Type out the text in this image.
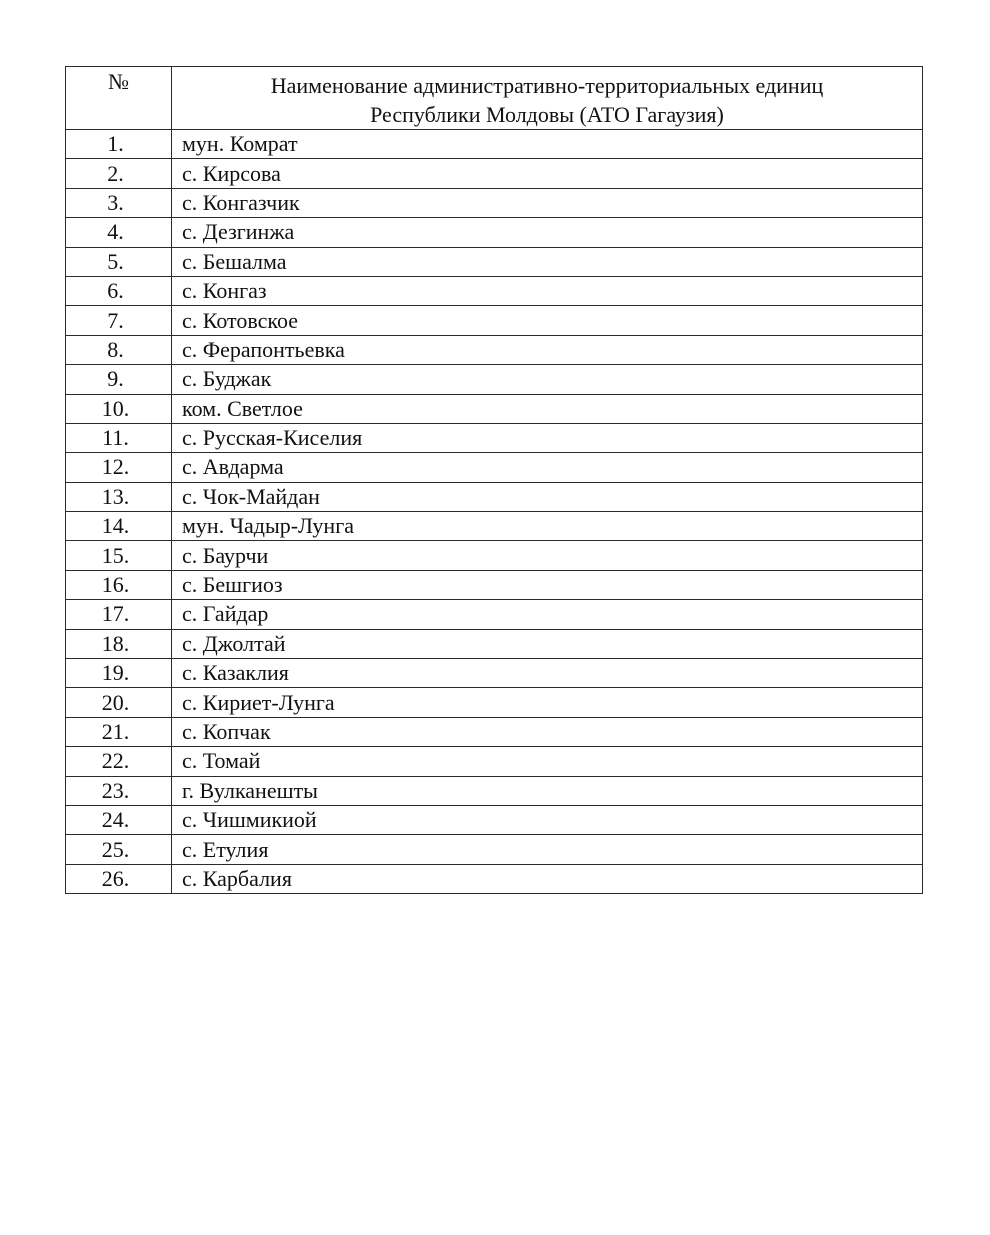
№	Наименование административно-территориальных единиц
Республики Молдовы (АТО Гагаузия)

1.	мун. Комрат
2.	с. Кирсова
3.	с. Конгазчик
4.	с. Дезгинжа
5.	с. Бешалма
6.	с. Конгаз
7.	с. Котовское
8.	с. Ферапонтьевка
9.	с. Буджак
10.	ком. Светлое
11.	с. Русская-Киселия
12.	с. Авдарма
13.	с. Чок-Майдан
14.	мун. Чадыр-Лунга
15.	с. Баурчи
16.	с. Бешгиоз
17.	с. Гайдар
18.	с. Джолтай
19.	с. Казаклия
20.	с. Кириет-Лунга
21.	с. Копчак
22.	с. Томай
23.	г. Вулканешты
24.	с. Чишмикиой
25.	с. Етулия
26.	с. Карбалия
